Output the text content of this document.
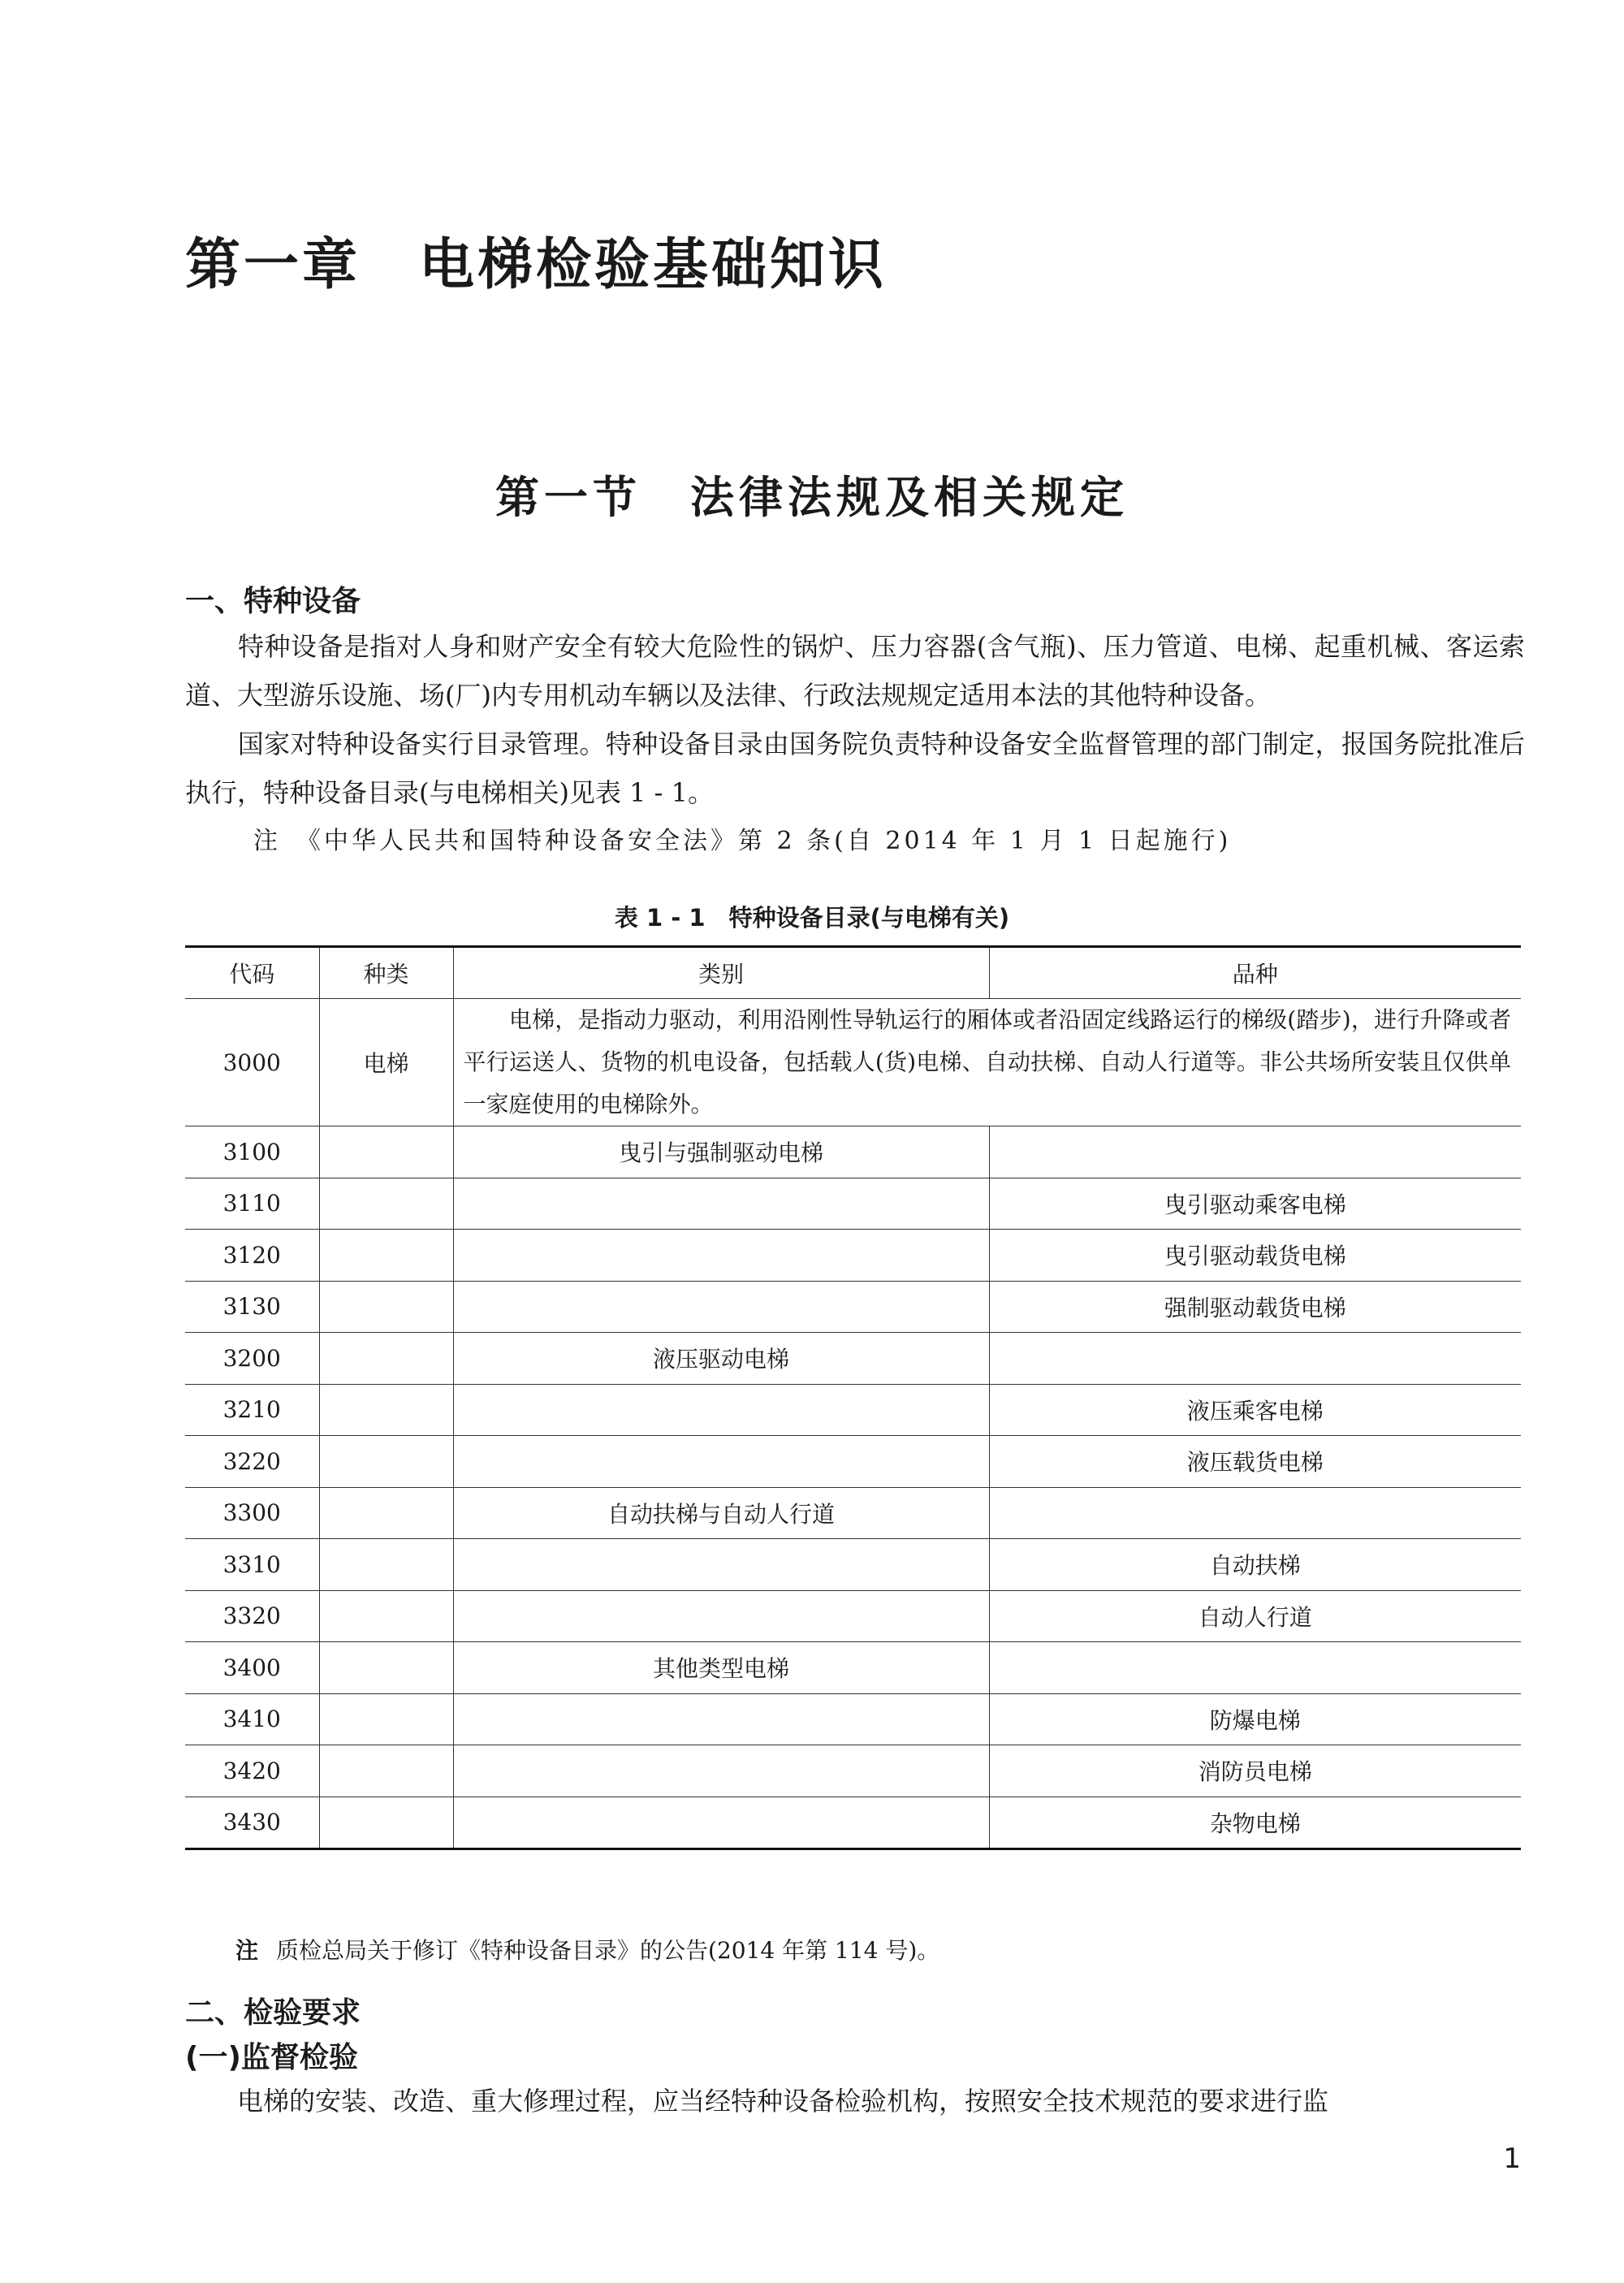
第一章　电梯检验基础知识
第一节　法律法规及相关规定
一、特种设备

　　特种设备是指对人身和财产安全有较大危险性的锅炉、压力容器(含气瓶)、压力管道、电梯、起重机械、客运索道、大型游乐设施、场(厂)内专用机动车辆以及法律、行政法规规定适用本法的其他特种设备。

　　国家对特种设备实行目录管理。特种设备目录由国务院负责特种设备安全监督管理的部门制定，报国务院批准后执行，特种设备目录(与电梯相关)见表 1 - 1。

注　《中华人民共和国特种设备安全法》第 2 条(自 2014 年 1 月 1 日起施行)

表 1 - 1　特种设备目录(与电梯有关)

代码	种类	类别	品种
3000	电梯	　　电梯，是指动力驱动，利用沿刚性导轨运行的厢体或者沿固定线路运行的梯级(踏步)，进行升降或者平行运送人、货物的机电设备，包括载人(货)电梯、自动扶梯、自动人行道等。非公共场所安装且仅供单一家庭使用的电梯除外。	
3100		曳引与强制驱动电梯	
3110			曳引驱动乘客电梯
3120			曳引驱动载货电梯
3130			强制驱动载货电梯
3200		液压驱动电梯	
3210			液压乘客电梯
3220			液压载货电梯
3300		自动扶梯与自动人行道	
3310			自动扶梯
3320			自动人行道
3400		其他类型电梯	
3410			防爆电梯
3420			消防员电梯
3430			杂物电梯

注 质检总局关于修订《特种设备目录》的公告(2014 年第 114 号)。

二、检验要求
(一)监督检验

　　电梯的安装、改造、重大修理过程，应当经特种设备检验机构，按照安全技术规范的要求进行监

1
